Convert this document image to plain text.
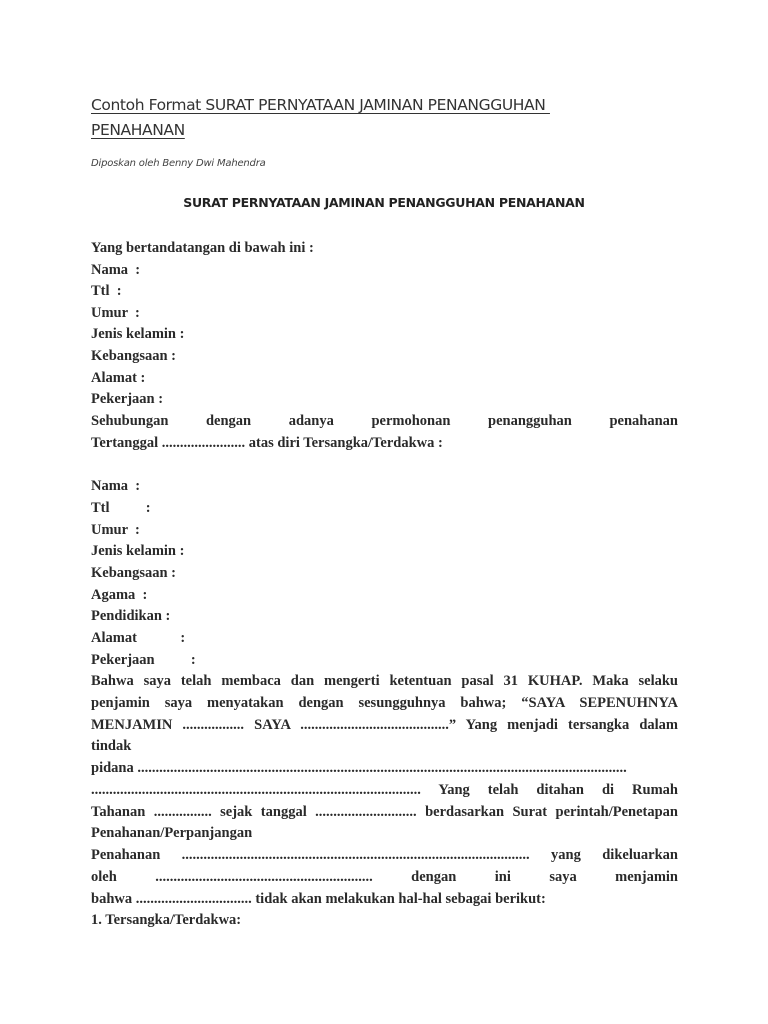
Contoh Format SURAT PERNYATAAN JAMINAN PENANGGUHAN
PENAHANAN
Diposkan oleh Benny Dwi Mahendra
SURAT PERNYATAAN JAMINAN PENANGGUHAN PENAHANAN
Yang bertandatangan di bawah ini :
Nama  :
Ttl  :
Umur  :
Jenis kelamin :
Kebangsaan :
Alamat :
Pekerjaan :
Sehubungan dengan adanya permohonan penangguhan penahanan
Tertanggal ....................... atas diri Tersangka/Terdakwa :
Nama  :
Ttl          :
Umur  :
Jenis kelamin :
Kebangsaan :
Agama  :
Pendidikan :
Alamat            :
Pekerjaan          :
Bahwa saya telah membaca dan mengerti ketentuan pasal 31 KUHAP. Maka selaku
penjamin saya menyatakan dengan sesungguhnya bahwa; “SAYA SEPENUHNYA
MENJAMIN ................. SAYA .........................................” Yang menjadi tersangka dalam
tindak
pidana .......................................................................................................................................
........................................................................................... Yang telah ditahan di Rumah
Tahanan ................ sejak tanggal ............................ berdasarkan Surat perintah/Penetapan
Penahanan/Perpanjangan
Penahanan ................................................................................................ yang dikeluarkan
oleh ............................................................ dengan ini saya menjamin
bahwa ................................ tidak akan melakukan hal-hal sebagai berikut:
1. Tersangka/Terdakwa:
